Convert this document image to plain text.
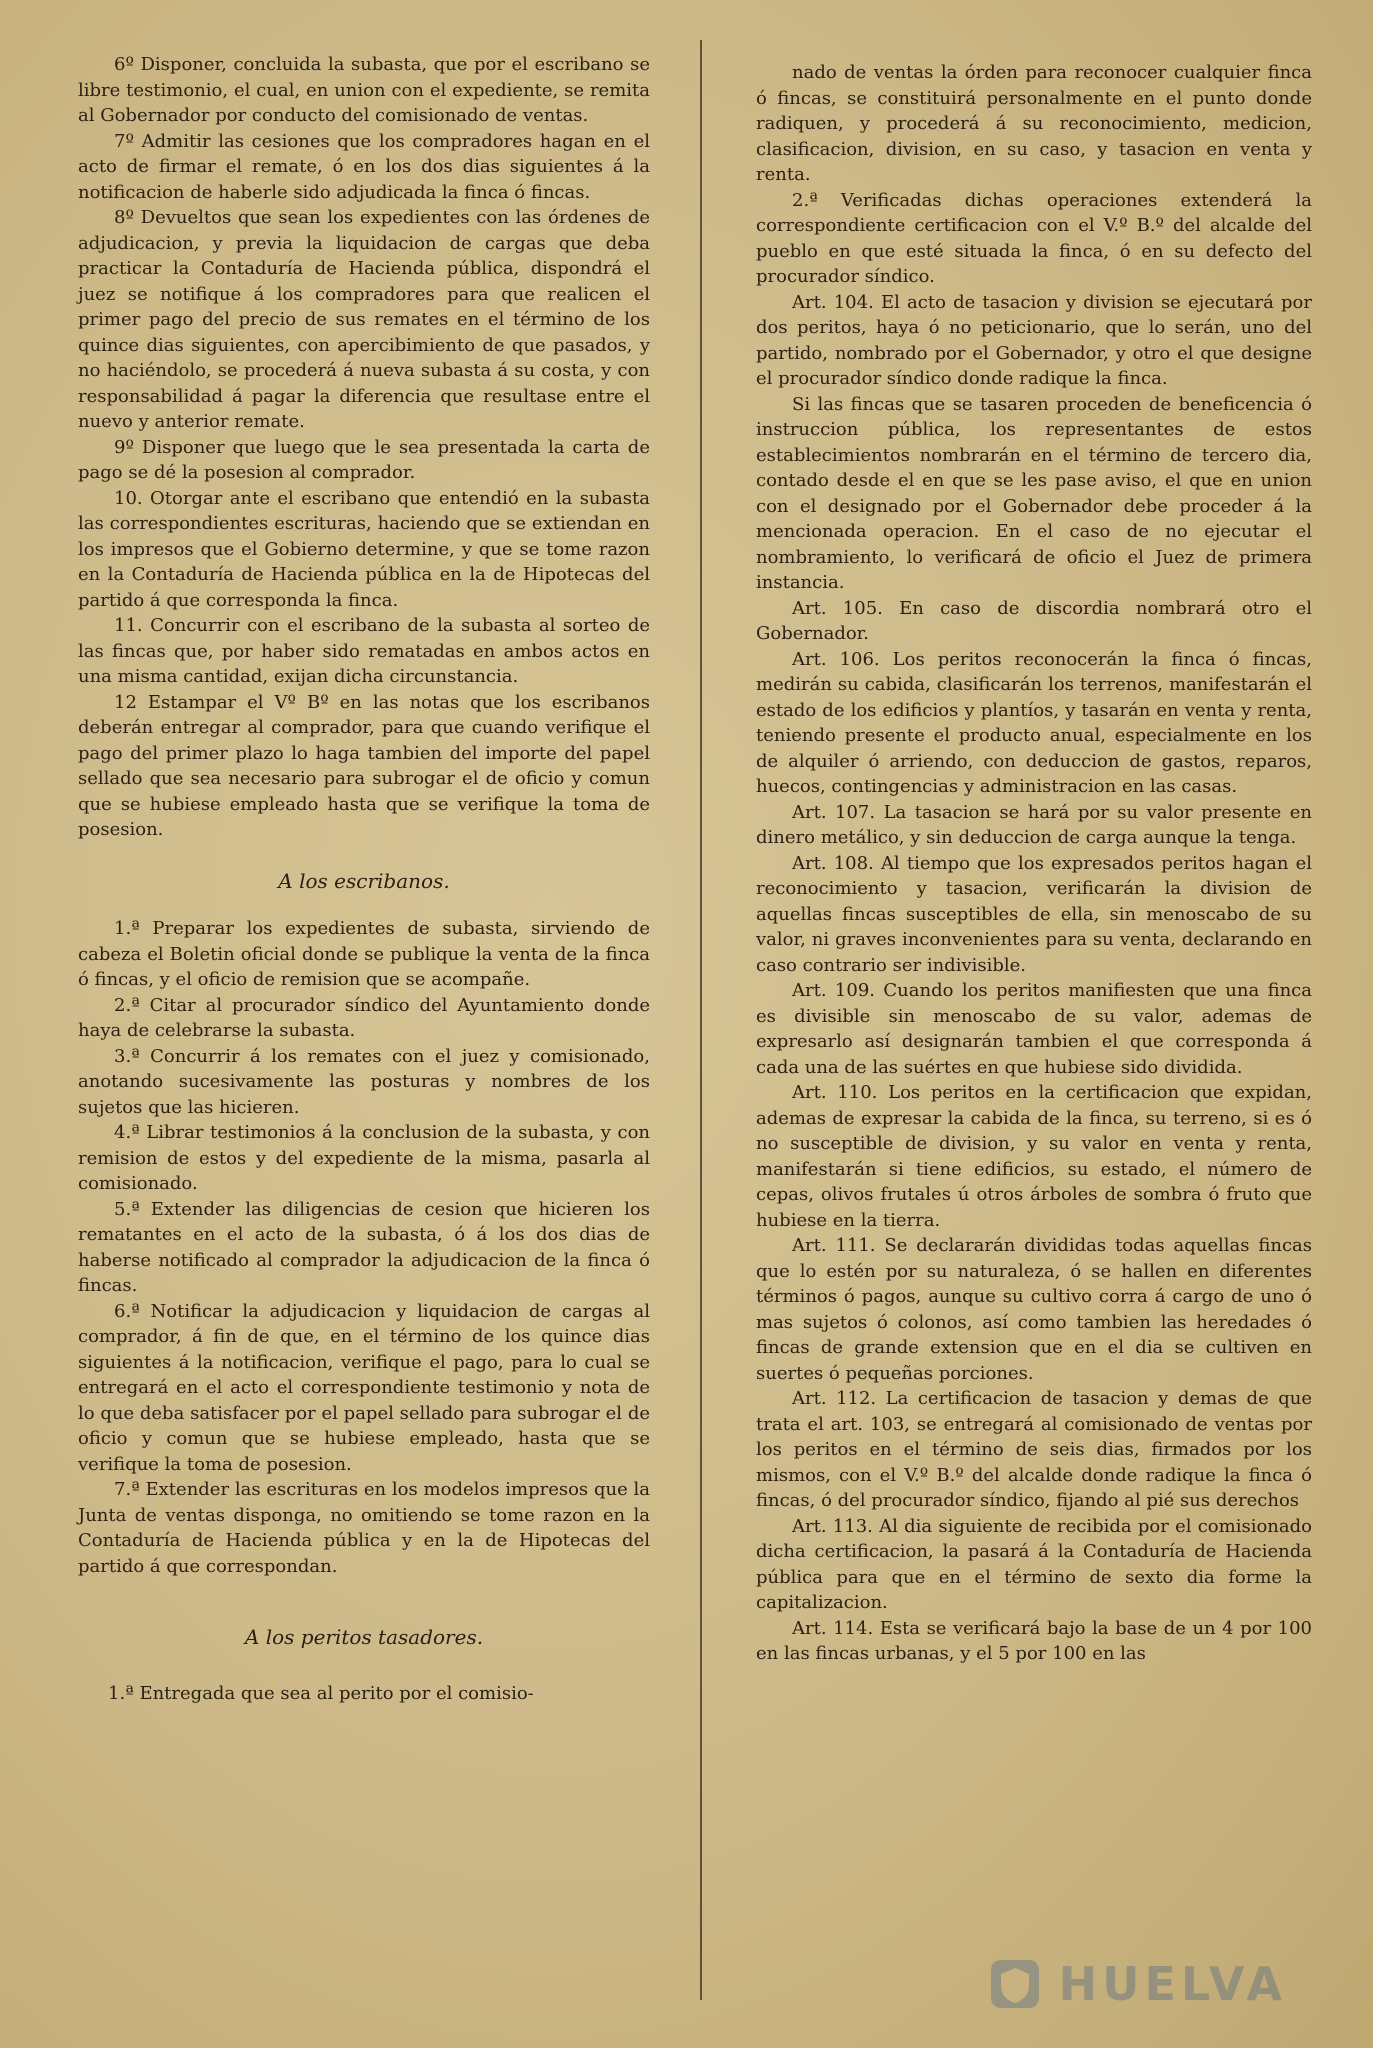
6º Disponer, concluida la subasta, que por el escribano se libre testimonio, el cual, en union con el expediente, se remita al Gobernador por conducto del comisionado de ventas.

7º Admitir las cesiones que los compradores hagan en el acto de firmar el remate, ó en los dos dias siguientes á la notificacion de haberle sido adjudicada la finca ó fincas.

8º Devueltos que sean los expedientes con las órdenes de adjudicacion, y previa la liquidacion de cargas que deba practicar la Contaduría de Hacienda pública, dispondrá el juez se notifique á los compradores para que realicen el primer pago del precio de sus remates en el término de los quince dias siguientes, con apercibimiento de que pasados, y no haciéndolo, se procederá á nueva subasta á su costa, y con responsabilidad á pagar la diferencia que resultase entre el nuevo y anterior remate.

9º Disponer que luego que le sea presentada la carta de pago se dé la posesion al comprador.

10. Otorgar ante el escribano que entendió en la subasta las correspondientes escrituras, haciendo que se extiendan en los impresos que el Gobierno determine, y que se tome razon en la Contaduría de Hacienda pública en la de Hipotecas del partido á que corresponda la finca.

11. Concurrir con el escribano de la subasta al sorteo de las fincas que, por haber sido rematadas en ambos actos en una misma cantidad, exijan dicha circunstancia.

12 Estampar el Vº Bº en las notas que los escribanos deberán entregar al comprador, para que cuando verifique el pago del primer plazo lo haga tambien del importe del papel sellado que sea necesario para subrogar el de oficio y comun que se hubiese empleado hasta que se verifique la toma de posesion.

A los escribanos.

1.ª Preparar los expedientes de subasta, sirviendo de cabeza el Boletin oficial donde se publique la venta de la finca ó fincas, y el oficio de remision que se acompañe.

2.ª Citar al procurador síndico del Ayuntamiento donde haya de celebrarse la subasta.

3.ª Concurrir á los remates con el juez y comisionado, anotando sucesivamente las posturas y nombres de los sujetos que las hicieren.

4.ª Librar testimonios á la conclusion de la subasta, y con remision de estos y del expediente de la misma, pasarla al comisionado.

5.ª Extender las diligencias de cesion que hicieren los rematantes en el acto de la subasta, ó á los dos dias de haberse notificado al comprador la adjudicacion de la finca ó fincas.

6.ª Notificar la adjudicacion y liquidacion de cargas al comprador, á fin de que, en el término de los quince dias siguientes á la notificacion, verifique el pago, para lo cual se entregará en el acto el correspondiente testimonio y nota de lo que deba satisfacer por el papel sellado para subrogar el de oficio y comun que se hubiese empleado, hasta que se verifique la toma de posesion.

7.ª Extender las escrituras en los modelos impresos que la Junta de ventas disponga, no omitiendo se tome razon en la Contaduría de Hacienda pública y en la de Hipotecas del partido á que correspondan.

A los peritos tasadores.

1.ª Entregada que sea al perito por el comisio-

nado de ventas la órden para reconocer cualquier finca ó fincas, se constituirá personalmente en el punto donde radiquen, y procederá á su reconocimiento, medicion, clasificacion, division, en su caso, y tasacion en venta y renta.

2.ª Verificadas dichas operaciones extenderá la correspondiente certificacion con el V.º B.º del alcalde del pueblo en que esté situada la finca, ó en su defecto del procurador síndico.

Art. 104. El acto de tasacion y division se ejecutará por dos peritos, haya ó no peticionario, que lo serán, uno del partido, nombrado por el Gobernador, y otro el que designe el procurador síndico donde radique la finca.

Si las fincas que se tasaren proceden de beneficencia ó instruccion pública, los representantes de estos establecimientos nombrarán en el término de tercero dia, contado desde el en que se les pase aviso, el que en union con el designado por el Gobernador debe proceder á la mencionada operacion. En el caso de no ejecutar el nombramiento, lo verificará de oficio el Juez de primera instancia.

Art. 105. En caso de discordia nombrará otro el Gobernador.

Art. 106. Los peritos reconocerán la finca ó fincas, medirán su cabida, clasificarán los terrenos, manifestarán el estado de los edificios y plantíos, y tasarán en venta y renta, teniendo presente el producto anual, especialmente en los de alquiler ó arriendo, con deduccion de gastos, reparos, huecos, contingencias y administracion en las casas.

Art. 107. La tasacion se hará por su valor presente en dinero metálico, y sin deduccion de carga aunque la tenga.

Art. 108. Al tiempo que los expresados peritos hagan el reconocimiento y tasacion, verificarán la division de aquellas fincas susceptibles de ella, sin menoscabo de su valor, ni graves inconvenientes para su venta, declarando en caso contrario ser indivisible.

Art. 109. Cuando los peritos manifiesten que una finca es divisible sin menoscabo de su valor, ademas de expresarlo así designarán tambien el que corresponda á cada una de las suértes en que hubiese sido dividida.

Art. 110. Los peritos en la certificacion que expidan, ademas de expresar la cabida de la finca, su terreno, si es ó no susceptible de division, y su valor en venta y renta, manifestarán si tiene edificios, su estado, el número de cepas, olivos frutales ú otros árboles de sombra ó fruto que hubiese en la tierra.

Art. 111. Se declararán divididas todas aquellas fincas que lo estén por su naturaleza, ó se hallen en diferentes términos ó pagos, aunque su cultivo corra á cargo de uno ó mas sujetos ó colonos, así como tambien las heredades ó fincas de grande extension que en el dia se cultiven en suertes ó pequeñas porciones.

Art. 112. La certificacion de tasacion y demas de que trata el art. 103, se entregará al comisionado de ventas por los peritos en el término de seis dias, firmados por los mismos, con el V.º B.º del alcalde donde radique la finca ó fincas, ó del procurador síndico, fijando al pié sus derechos

Art. 113. Al dia siguiente de recibida por el comisionado dicha certificacion, la pasará á la Contaduría de Hacienda pública para que en el término de sexto dia forme la capitalizacion.

Art. 114. Esta se verificará bajo la base de un 4 por 100 en las fincas urbanas, y el 5 por 100 en las

HUELVA
